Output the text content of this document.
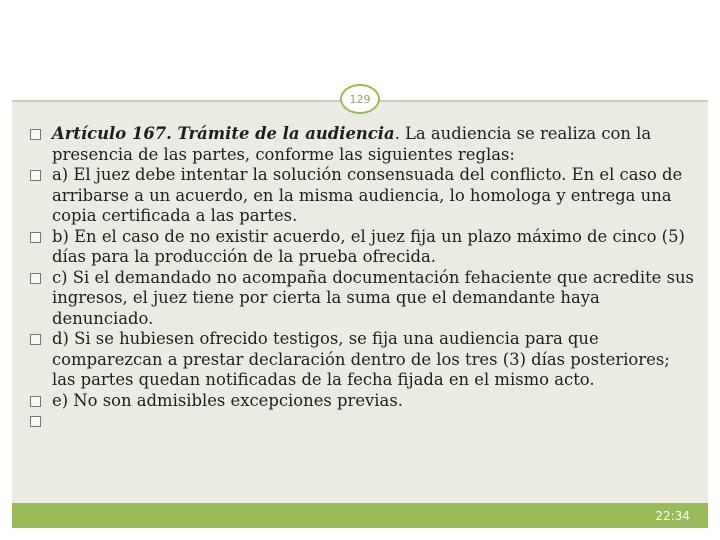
129

Artículo 167. Trámite de la audiencia. La audiencia se realiza con la presencia de las partes, conforme las siguientes reglas:

a) El juez debe intentar la solución consensuada del conflicto. En el caso de arribarse a un acuerdo, en la misma audiencia, lo homologa y entrega una copia certificada a las partes.

b) En el caso de no existir acuerdo, el juez fija un plazo máximo de cinco (5) días para la producción de la prueba ofrecida.

c) Si el demandado no acompaña documentación fehaciente que acredite sus ingresos, el juez tiene por cierta la suma que el demandante haya denunciado.

d) Si se hubiesen ofrecido testigos, se fija una audiencia para que comparezcan a prestar declaración dentro de los tres (3) días posteriores; las partes quedan notificadas de la fecha fijada en el mismo acto.

e) No son admisibles excepciones previas.

22:34
